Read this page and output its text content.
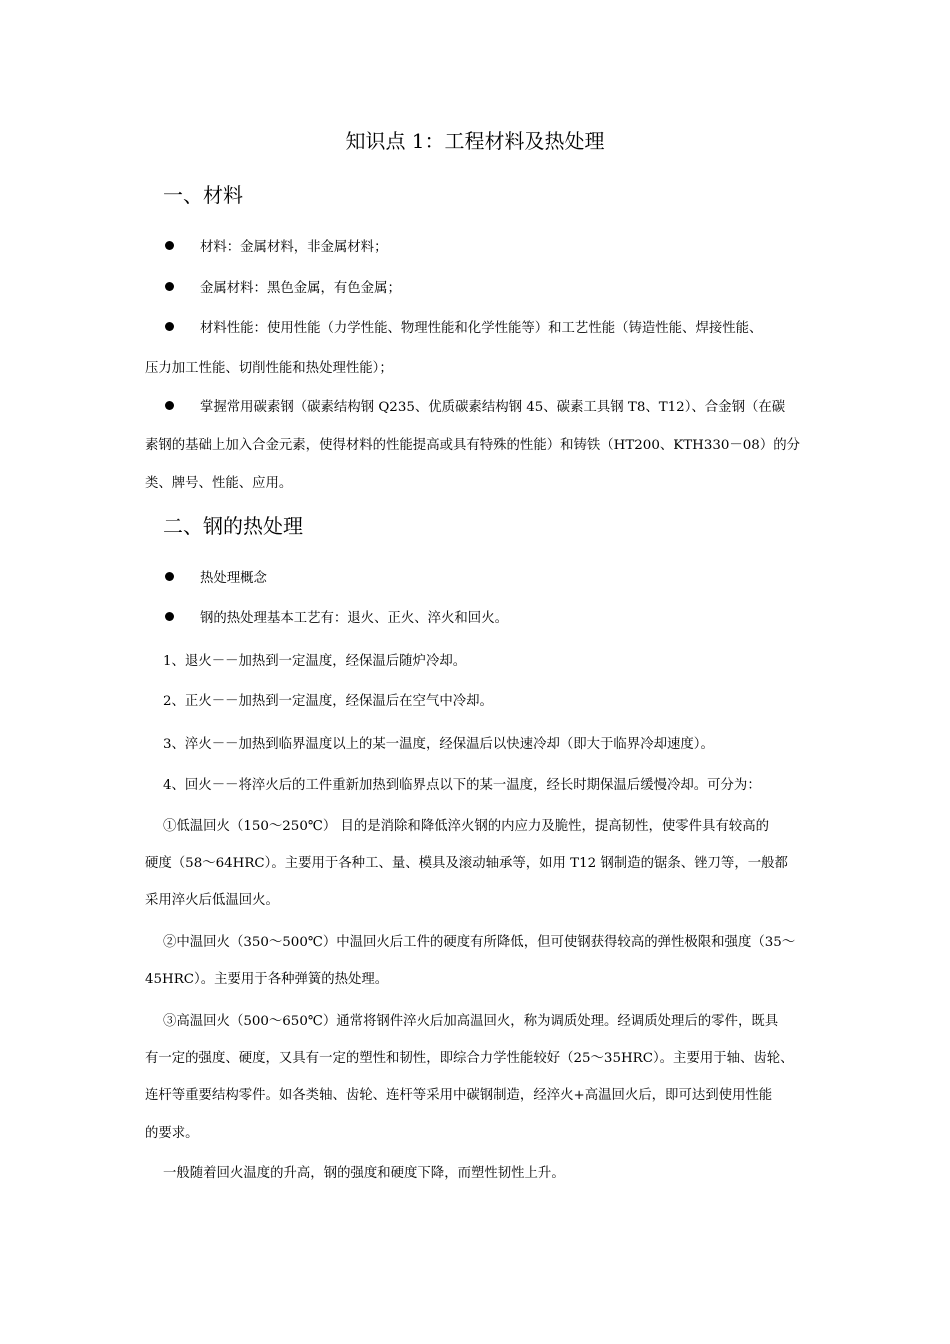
知识点 1：工程材料及热处理
一、材料
材料：金属材料，非金属材料；
金属材料：黑色金属，有色金属；
材料性能：使用性能（力学性能、物理性能和化学性能等）和工艺性能（铸造性能、焊接性能、
压力加工性能、切削性能和热处理性能）；
掌握常用碳素钢（碳素结构钢 Q235、优质碳素结构钢 45、碳素工具钢 T8、T12）、合金钢（在碳
素钢的基础上加入合金元素，使得材料的性能提高或具有特殊的性能）和铸铁（HT200、KTH330－08）的分
类、牌号、性能、应用。
二、钢的热处理
热处理概念
钢的热处理基本工艺有：退火、正火、淬火和回火。
1、退火－－加热到一定温度，经保温后随炉冷却。
2、正火－－加热到一定温度，经保温后在空气中冷却。
3、淬火－－加热到临界温度以上的某一温度，经保温后以快速冷却（即大于临界冷却速度）。
4、回火－－将淬火后的工件重新加热到临界点以下的某一温度，经长时期保温后缓慢冷却。可分为：
①低温回火（150～250℃） 目的是消除和降低淬火钢的内应力及脆性，提高韧性，使零件具有较高的
硬度（58～64HRC）。主要用于各种工、量、模具及滚动轴承等，如用 T12 钢制造的锯条、锉刀等，一般都
采用淬火后低温回火。
②中温回火（350～500℃）中温回火后工件的硬度有所降低，但可使钢获得较高的弹性极限和强度（35～
45HRC）。主要用于各种弹簧的热处理。
③高温回火（500～650℃）通常将钢件淬火后加高温回火，称为调质处理。经调质处理后的零件，既具
有一定的强度、硬度，又具有一定的塑性和韧性，即综合力学性能较好（25～35HRC）。主要用于轴、齿轮、
连杆等重要结构零件。如各类轴、齿轮、连杆等采用中碳钢制造，经淬火+高温回火后，即可达到使用性能
的要求。
一般随着回火温度的升高，钢的强度和硬度下降，而塑性韧性上升。
